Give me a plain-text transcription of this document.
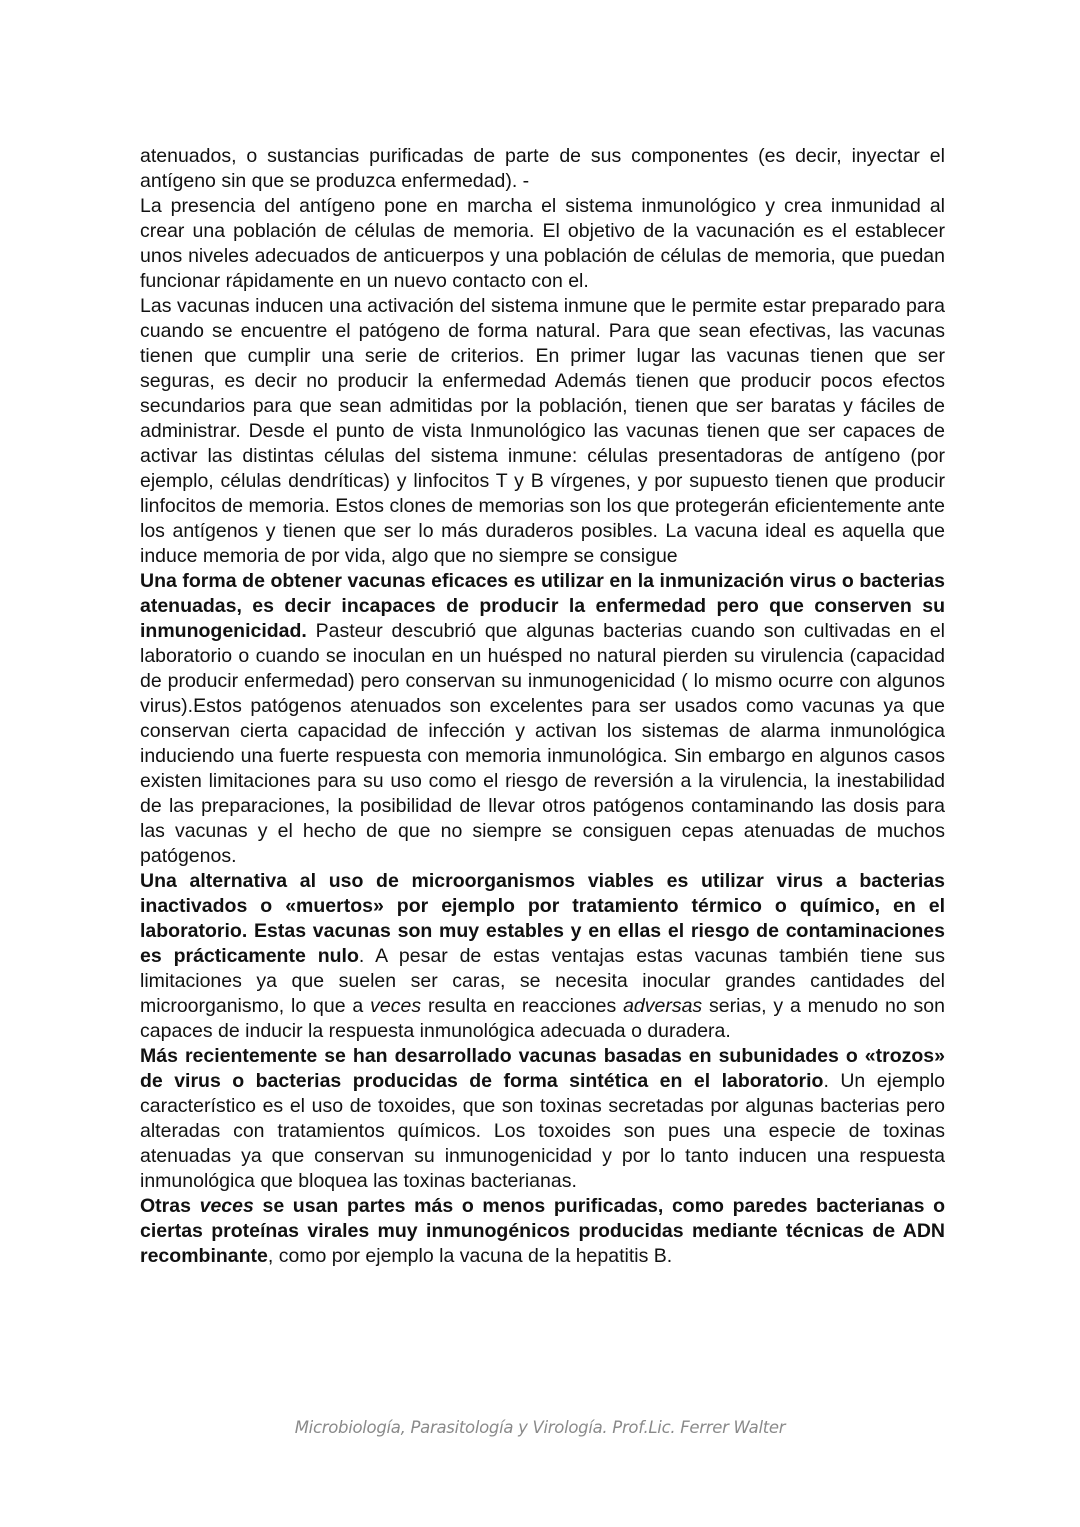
atenuados, o sustancias purificadas de parte de sus componentes (es decir, inyectar el antígeno sin que se produzca enfermedad). -

La presencia del antígeno pone en marcha el sistema inmunológico y crea inmunidad al crear una población de células de memoria. El objetivo de la vacunación es el establecer unos niveles adecuados de anticuerpos y una población de células de memoria, que puedan funcionar rápidamente en un nuevo contacto con el.

Las vacunas inducen una activación del sistema inmune que le permite estar preparado para cuando se encuentre el patógeno de forma natural. Para que sean efectivas, las vacunas tienen que cumplir una serie de criterios. En primer lugar las vacunas tienen que ser seguras, es decir no producir la enfermedad Además tienen que producir pocos efectos secundarios para que sean admitidas por la población, tienen que ser baratas y fáciles de administrar. Desde el punto de vista Inmunológico las vacunas tienen que ser capaces de activar las distintas células del sistema inmune: células presentadoras de antígeno (por ejemplo, células dendríticas) y linfocitos T y B vírgenes, y por supuesto tienen que producir linfocitos de memoria. Estos clones de memorias son los que protegerán eficientemente ante los antígenos y tienen que ser lo más duraderos posibles. La vacuna ideal es aquella que induce memoria de por vida, algo que no siempre se consigue

Una forma de obtener vacunas eficaces es utilizar en la inmunización virus o bacterias atenuadas, es decir incapaces de producir la enfermedad pero que conserven su inmunogenicidad. Pasteur descubrió que algunas bacterias cuando son cultivadas en el laboratorio o cuando se inoculan en un huésped no natural pierden su virulencia (capacidad de producir enfermedad) pero conservan su inmunogenicidad ( lo mismo ocurre con algunos virus).Estos patógenos atenuados son excelentes para ser usados como vacunas ya que conservan cierta capacidad de infección y activan los sistemas de alarma inmunológica induciendo una fuerte respuesta con memoria inmunológica. Sin embargo en algunos casos existen limitaciones para su uso como el riesgo de reversión a la virulencia, la inestabilidad de las preparaciones, la posibilidad de llevar otros patógenos contaminando las dosis para las vacunas y el hecho de que no siempre se consiguen cepas atenuadas de muchos patógenos.

Una alternativa al uso de microorganismos viables es utilizar virus a bacterias inactivados o «muertos» por ejemplo por tratamiento térmico o químico, en el laboratorio. Estas vacunas son muy estables y en ellas el riesgo de contaminaciones es prácticamente nulo. A pesar de estas ventajas estas vacunas también tiene sus limitaciones ya que suelen ser caras, se necesita inocular grandes cantidades del microorganismo, lo que a veces resulta en reacciones adversas serias, y a menudo no son capaces de inducir la respuesta inmunológica adecuada o duradera.

Más recientemente se han desarrollado vacunas basadas en subunidades o «trozos» de virus o bacterias producidas de forma sintética en el laboratorio. Un ejemplo característico es el uso de toxoides, que son toxinas secretadas por algunas bacterias pero alteradas con tratamientos químicos. Los toxoides son pues una especie de toxinas atenuadas ya que conservan su inmunogenicidad y por lo tanto inducen una respuesta inmunológica que bloquea las toxinas bacterianas.

Otras veces se usan partes más o menos purificadas, como paredes bacterianas o ciertas proteínas virales muy inmunogénicos producidas mediante técnicas de ADN recombinante, como por ejemplo la vacuna de la hepatitis B.

Microbiología, Parasitología y Virología. Prof.Lic. Ferrer Walter
